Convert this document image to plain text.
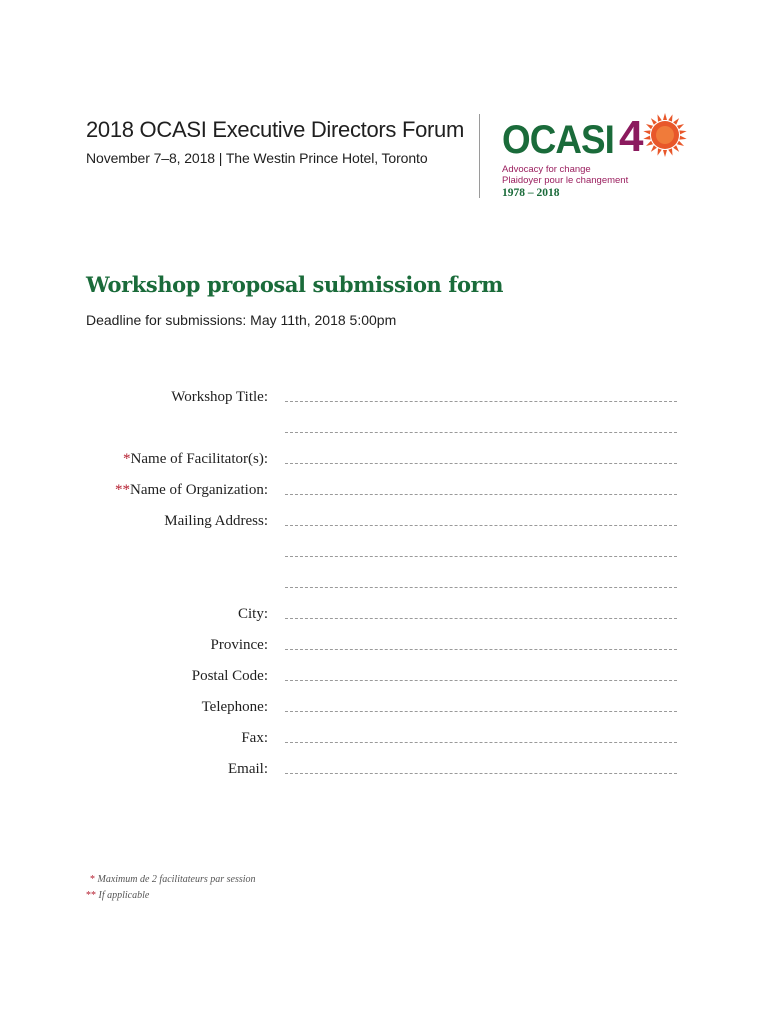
2018 OCASI Executive Directors Forum
November 7–8, 2018 | The Westin Prince Hotel, Toronto	OCASI 4
Advocacy for change
Plaidoyer pour le changement
1978 – 2018
Workshop proposal submission form
Deadline for submissions: May 11th, 2018 5:00pm
Workshop Title:
*Name of Facilitator(s):
**Name of Organization:
Mailing Address:
City:
Province:
Postal Code:
Telephone:
Fax:
Email:
* Maximum de 2 facilitateurs par session
** If applicable
